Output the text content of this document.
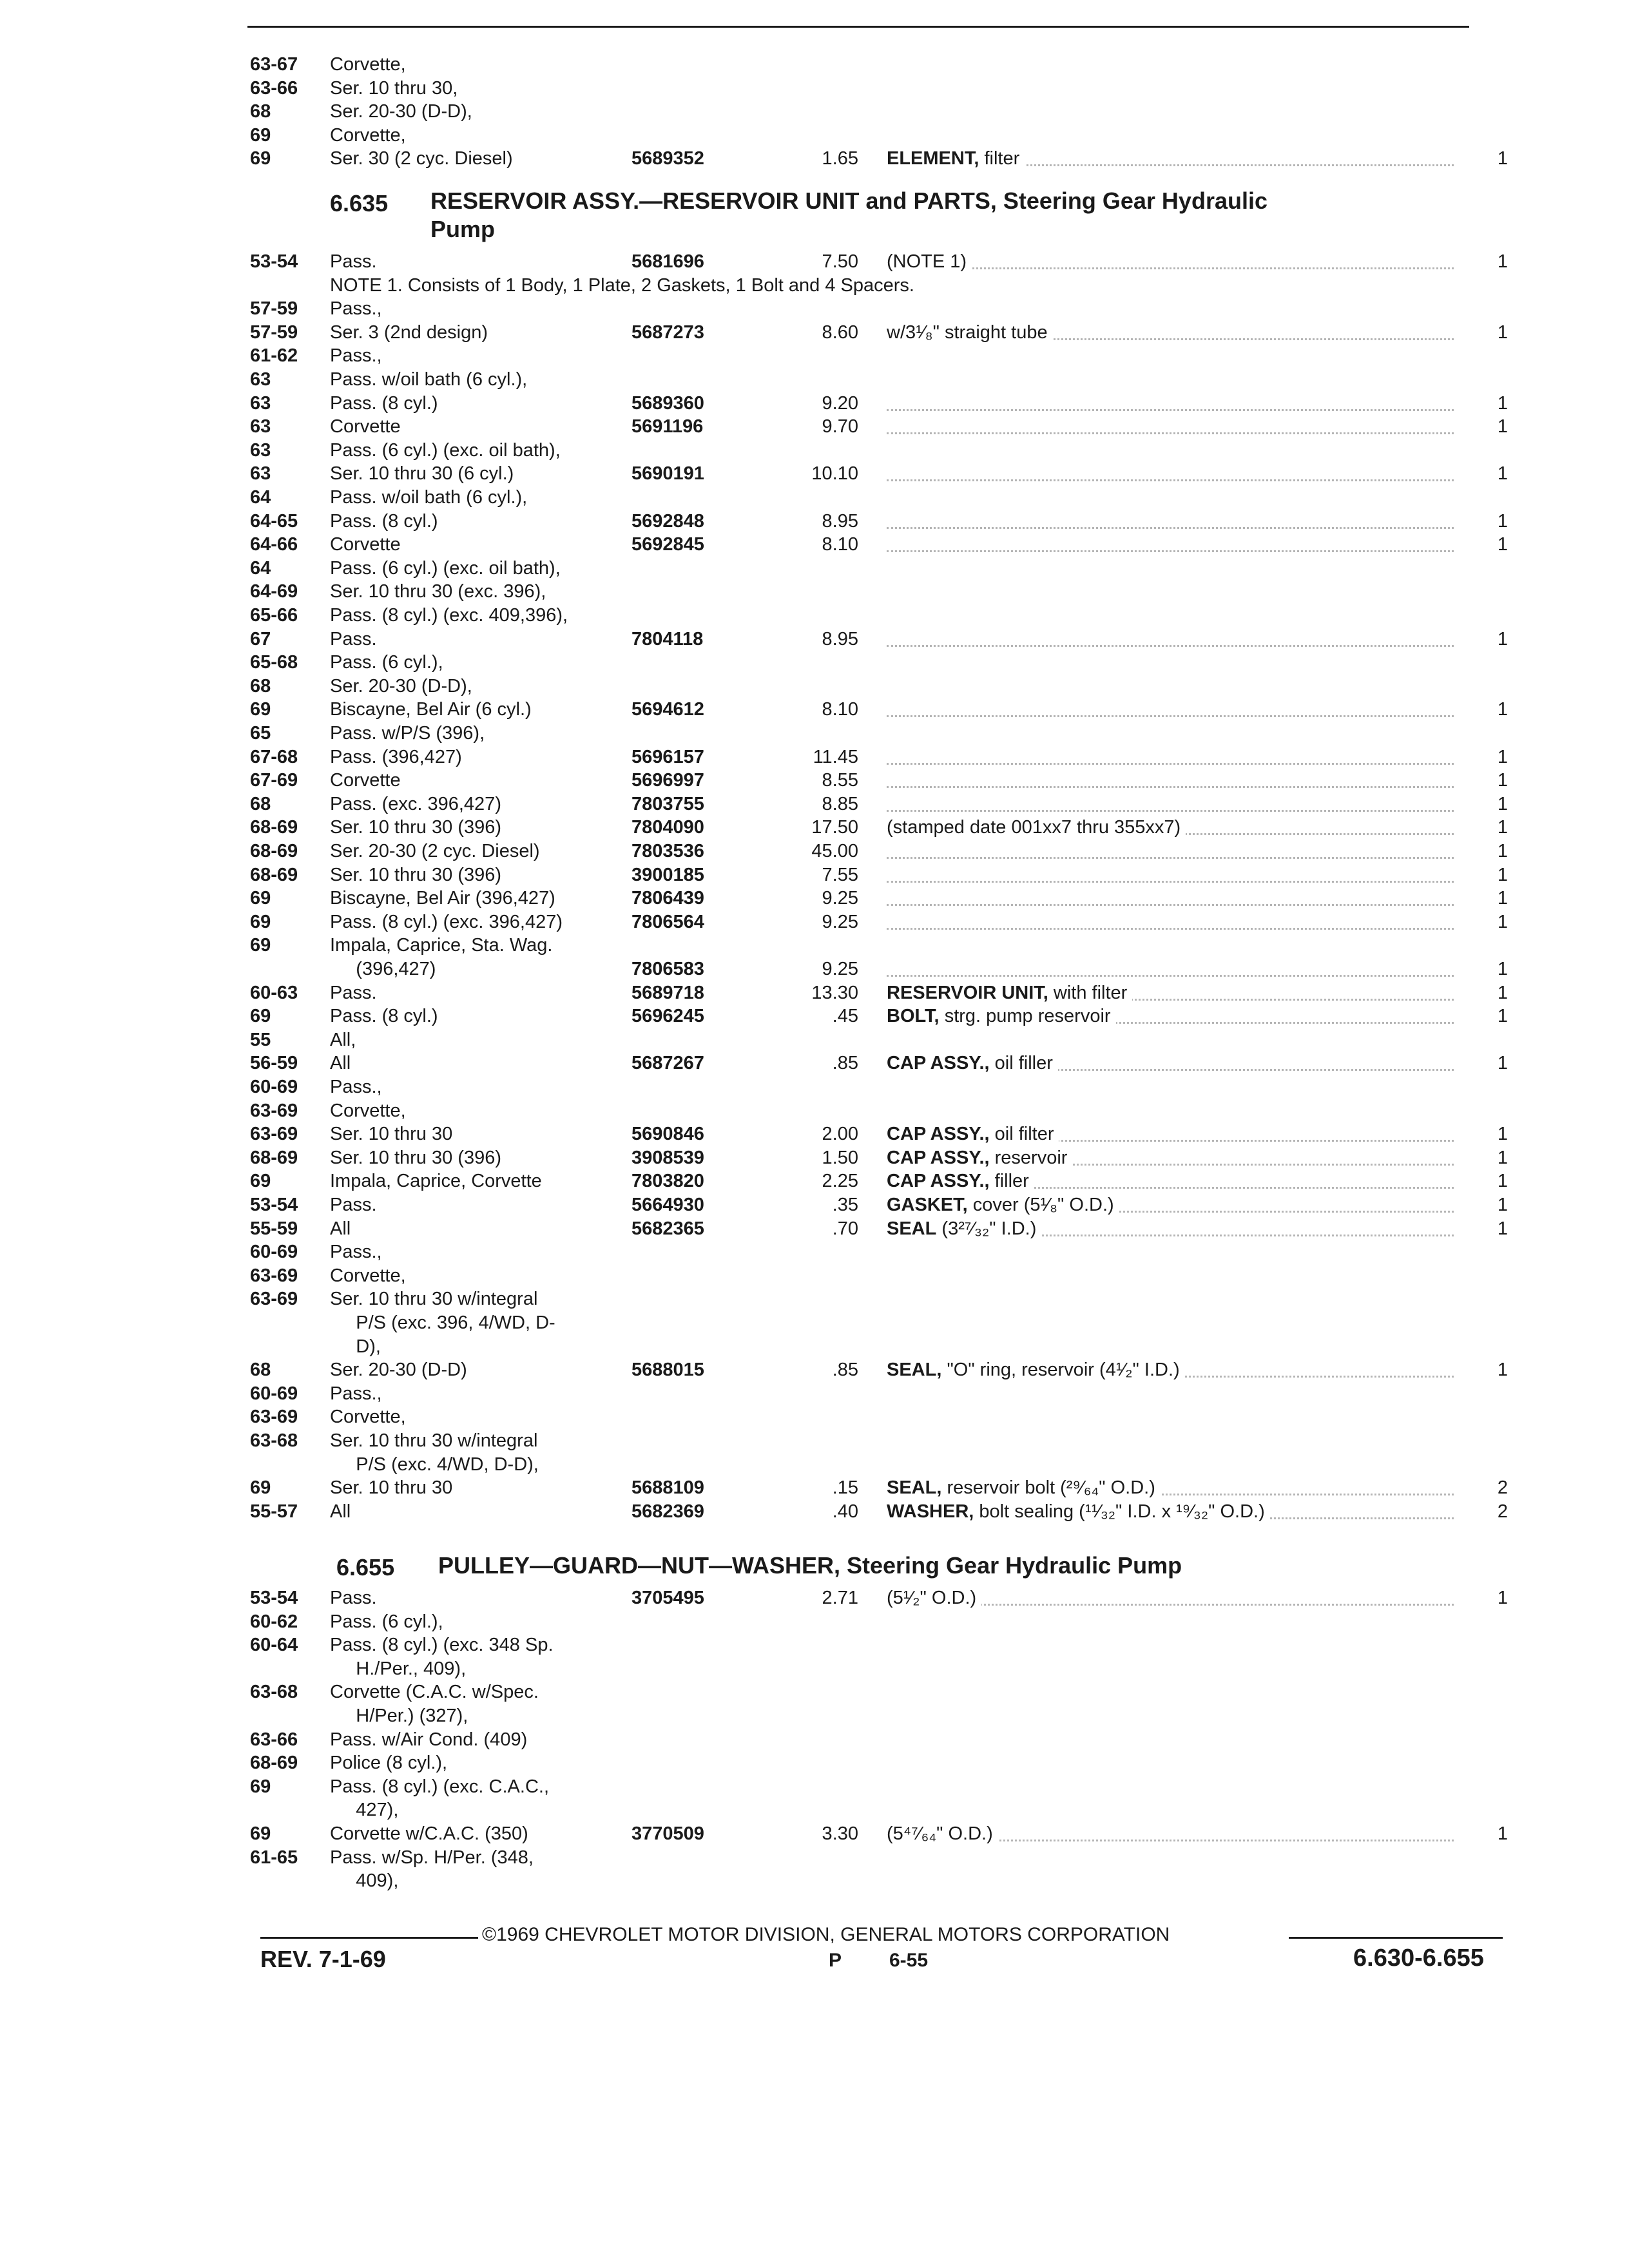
63-67 Corvette,
63-66 Ser. 10 thru 30,
68	Ser. 20-30 (D-D),
69	Corvette,
69	Ser. 30 (2 cyc. Diesel)	5689352	1.65 ELEMENT, filter	1
6.635 RESERVOIR ASSY.—RESERVOIR UNIT and PARTS, Steering Gear Hydraulic
Pump
53-54 Pass.	5681696	7.50 (NOTE 1)	1
NOTE 1. Consists of 1 Body, 1 Plate, 2 Gaskets, 1 Bolt and 4 Spacers.
57-59 Pass.,
57-59 Ser. 3 (2nd design)	5687273	8.60 w/3¹⁄₈" straight tube	1
61-62 Pass.,
63	Pass. w/oil bath (6 cyl.),
63	Pass. (8 cyl.)	5689360	9.20	1
63	Corvette	5691196	9.70	1
63	Pass. (6 cyl.) (exc. oil bath),
63	Ser. 10 thru 30 (6 cyl.)	5690191	10.10	1
64	Pass. w/oil bath (6 cyl.),
64-65 Pass. (8 cyl.)	5692848	8.95	1
64-66 Corvette	5692845	8.10	1
64	Pass. (6 cyl.) (exc. oil bath),
64-69 Ser. 10 thru 30 (exc. 396),
65-66 Pass. (8 cyl.) (exc. 409,396),
67	Pass.	7804118	8.95	1
65-68 Pass. (6 cyl.),
68	Ser. 20-30 (D-D),
69	Biscayne, Bel Air (6 cyl.)	5694612	8.10	1
65	Pass. w/P/S (396),
67-68 Pass. (396,427)	5696157	11.45	1
67-69 Corvette	5696997	8.55	1
68	Pass. (exc. 396,427)	7803755	8.85	1
68-69 Ser. 10 thru 30 (396)	7804090	17.50 (stamped date 001xx7 thru 355xx7)	1
68-69 Ser. 20-30 (2 cyc. Diesel)	7803536	45.00	1
68-69 Ser. 10 thru 30 (396)	3900185	7.55	1
69	Biscayne, Bel Air (396,427)	7806439	9.25	1
69	Pass. (8 cyl.) (exc. 396,427)	7806564	9.25	1
69	Impala, Caprice, Sta. Wag.
(396,427)	7806583	9.25	1
60-63 Pass.	5689718	13.30 RESERVOIR UNIT, with filter	1
69	Pass. (8 cyl.)	5696245	.45 BOLT, strg. pump reservoir	1
55	All,
56-59 All	5687267	.85 CAP ASSY., oil filler	1
60-69 Pass.,
63-69 Corvette,
63-69 Ser. 10 thru 30	5690846	2.00 CAP ASSY., oil filter	1
68-69 Ser. 10 thru 30 (396)	3908539	1.50 CAP ASSY., reservoir	1
69	Impala, Caprice, Corvette	7803820	2.25 CAP ASSY., filler	1
53-54 Pass.	5664930	.35 GASKET, cover (5¹⁄₈" O.D.)	1
55-59 All	5682365	.70 SEAL (3²⁷⁄₃₂" I.D.)	1
60-69 Pass.,
63-69 Corvette,
63-69 Ser. 10 thru 30 w/integral
P/S (exc. 396, 4/WD, D-
D),
68	Ser. 20-30 (D-D)	5688015	.85 SEAL, "O" ring, reservoir (4¹⁄₂" I.D.)	1
60-69 Pass.,
63-69 Corvette,
63-68 Ser. 10 thru 30 w/integral
P/S (exc. 4/WD, D-D),
69	Ser. 10 thru 30	5688109	.15 SEAL, reservoir bolt (²⁹⁄₆₄" O.D.)	2
55-57 All	5682369	.40 WASHER, bolt sealing (¹¹⁄₃₂" I.D. x ¹⁹⁄₃₂" O.D.)	2
6.655 PULLEY—GUARD—NUT—WASHER, Steering Gear Hydraulic Pump
53-54 Pass.	3705495	2.71 (5¹⁄₂" O.D.)	1
60-62 Pass. (6 cyl.),
60-64 Pass. (8 cyl.) (exc. 348 Sp.
H./Per., 409),
63-68 Corvette (C.A.C. w/Spec.
H/Per.) (327),
63-66 Pass. w/Air Cond. (409)
68-69 Police (8 cyl.),
69	Pass. (8 cyl.) (exc. C.A.C.,
427),
69	Corvette w/C.A.C. (350)	3770509	3.30 (5⁴⁷⁄₆₄" O.D.)	1
61-65 Pass. w/Sp. H/Per. (348,
409),
©1969 CHEVROLET MOTOR DIVISION, GENERAL MOTORS CORPORATION
REV. 7-1-69	P 6-55	6.630-6.655
